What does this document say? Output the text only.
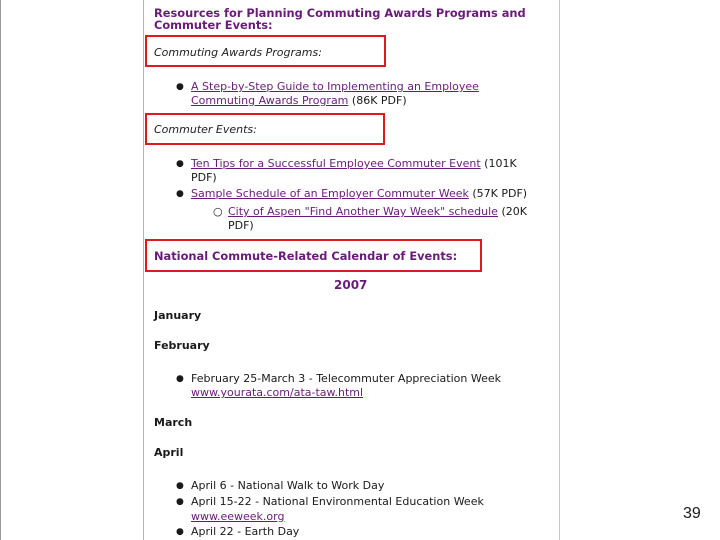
Resources for Planning Commuting Awards Programs and
Commuter Events:
Commuting Awards Programs:
● A Step-by-Step Guide to Implementing an Employee
Commuting Awards Program (86K PDF)
Commuter Events:
● Ten Tips for a Successful Employee Commuter Event (101K
PDF)
● Sample Schedule of an Employer Commuter Week (57K PDF)
○ City of Aspen "Find Another Way Week" schedule (20K
PDF)
National Commute-Related Calendar of Events:
2007
January
February
● February 25-March 3 - Telecommuter Appreciation Week
www.yourata.com/ata-taw.html
March
April
● April 6 - National Walk to Work Day
● April 15-22 - National Environmental Education Week
www.eeweek.org
● April 22 - Earth Day
39
